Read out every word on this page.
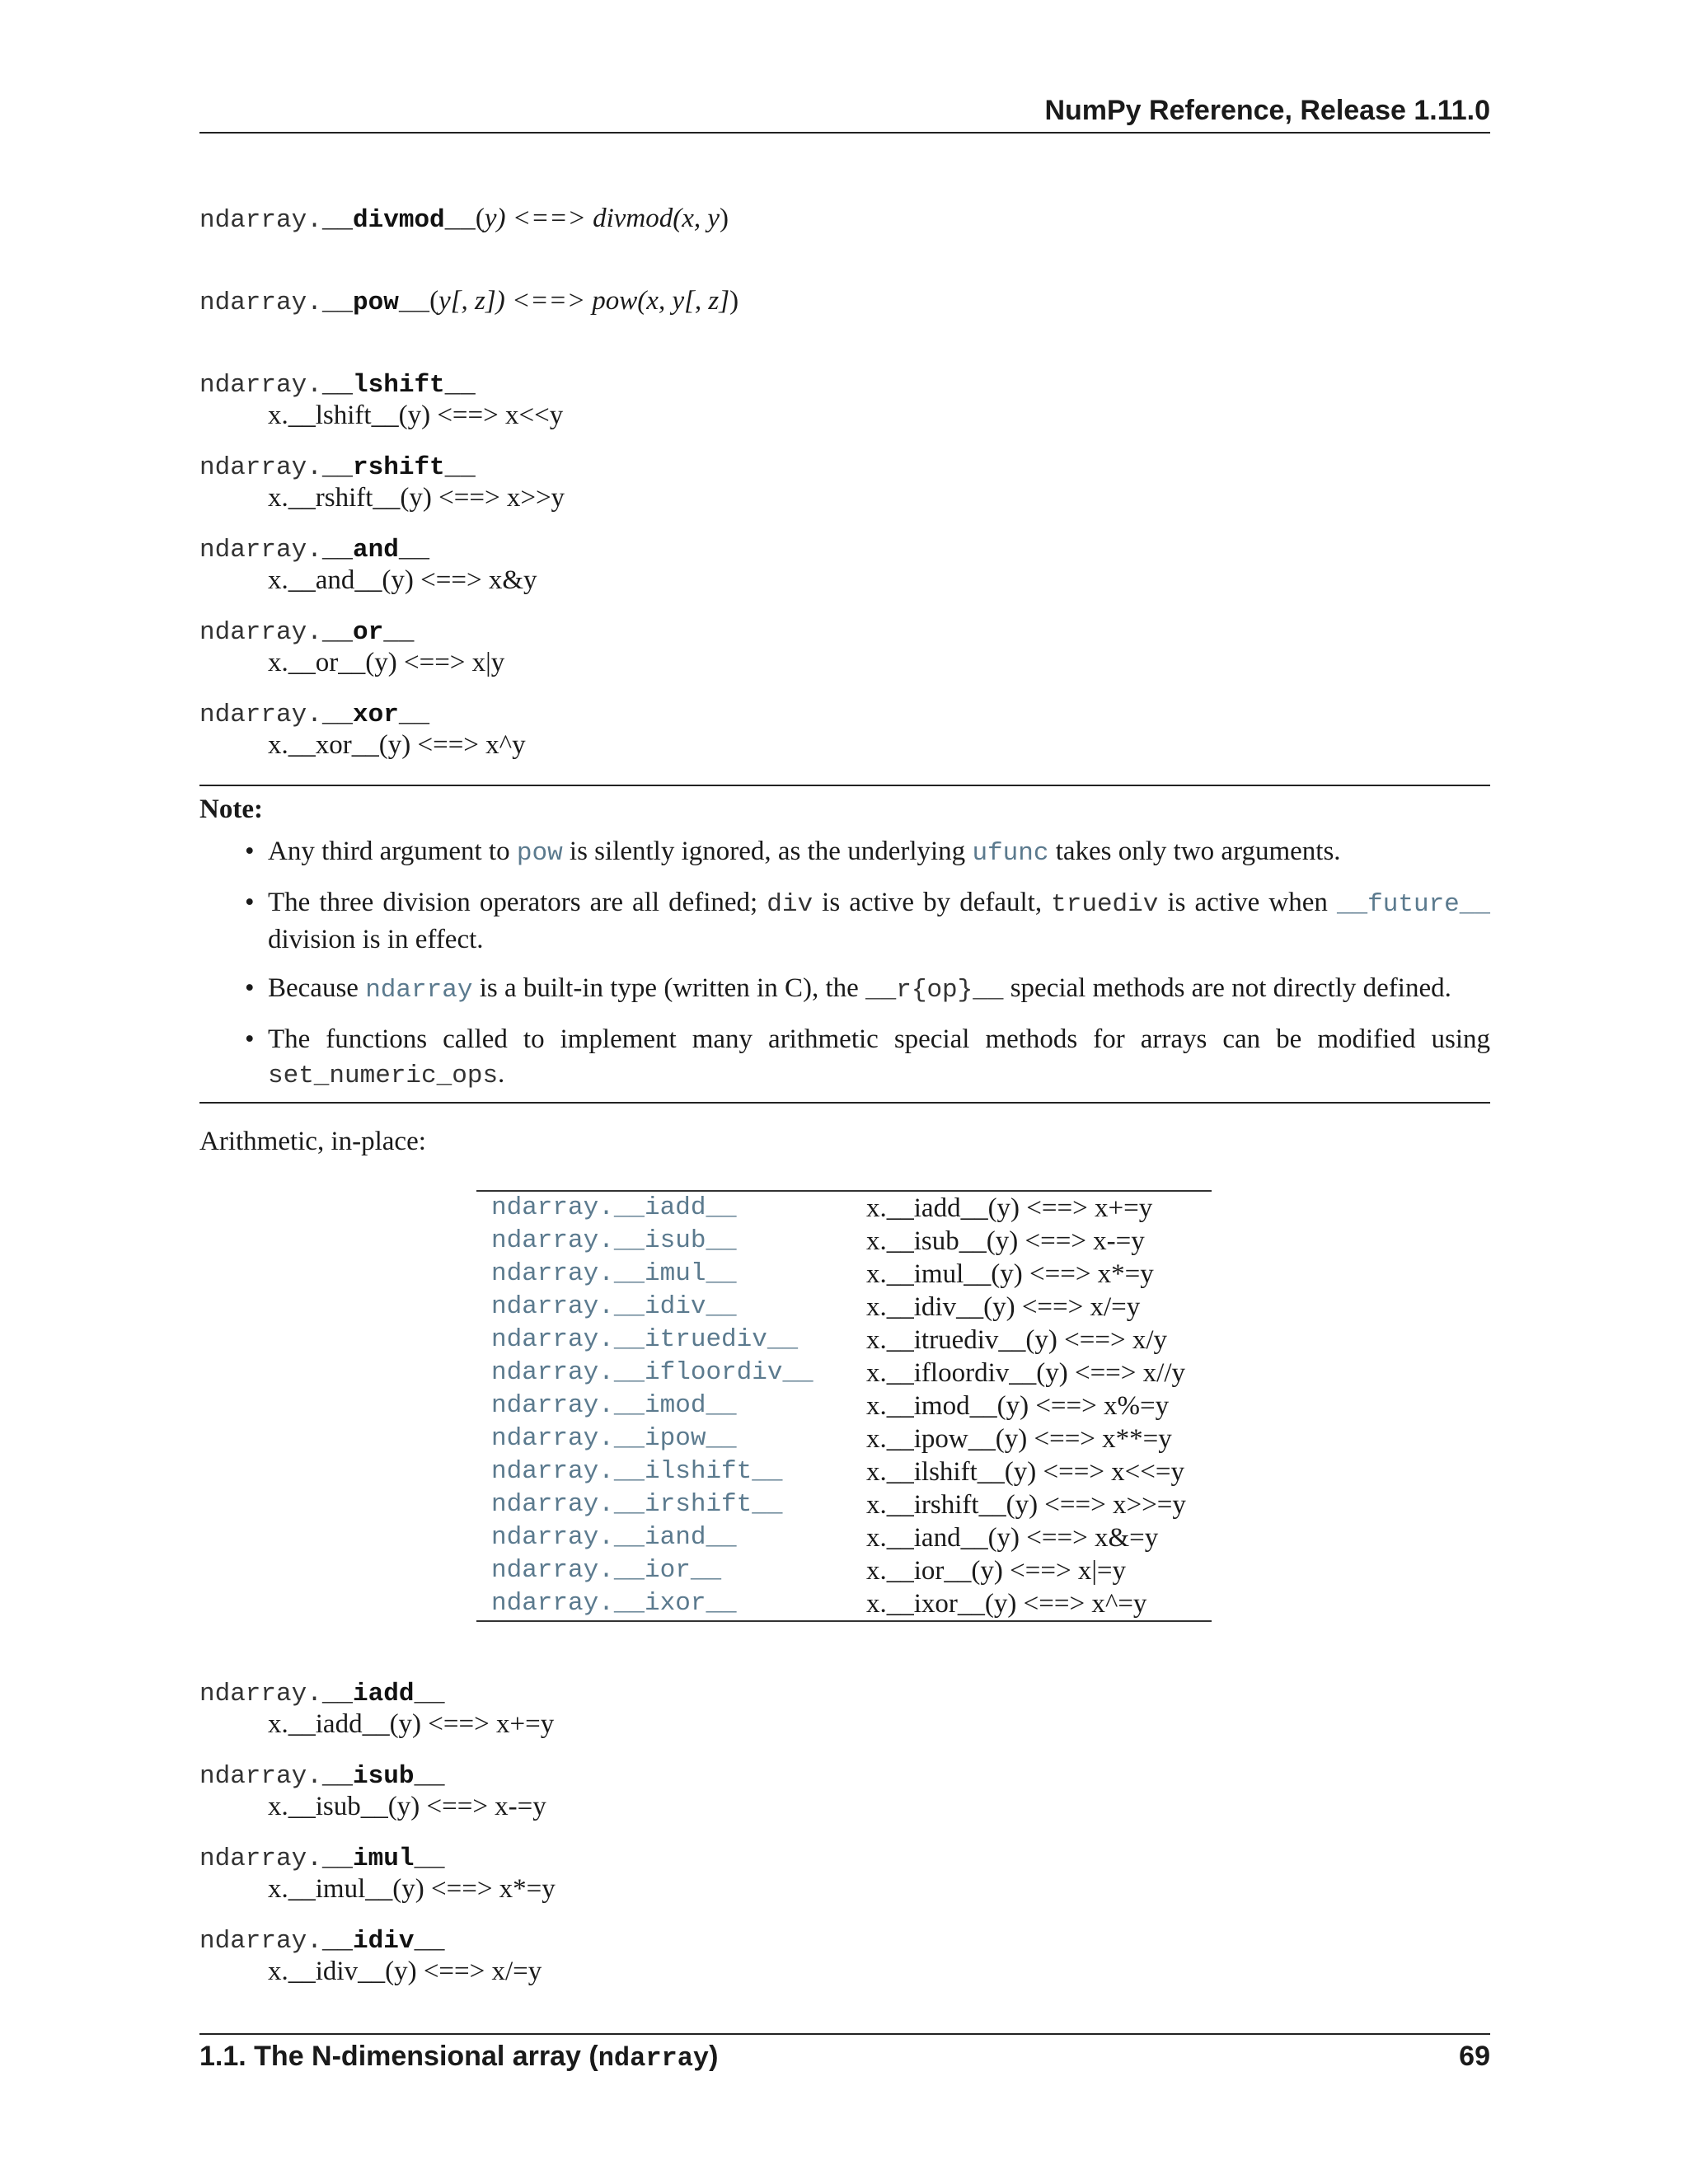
NumPy Reference, Release 1.11.0
ndarray.__divmod__(y) <==> divmod(x, y)
ndarray.__pow__(y[, z]) <==> pow(x, y[, z])
ndarray.__lshift__
x.__lshift__(y) <==> x<<y
ndarray.__rshift__
x.__rshift__(y) <==> x>>y
ndarray.__and__
x.__and__(y) <==> x&y
ndarray.__or__
x.__or__(y) <==> x|y
ndarray.__xor__
x.__xor__(y) <==> x^y
Note:
• Any third argument to pow is silently ignored, as the underlying ufunc takes only two arguments.
• The three division operators are all defined; div is active by default, truediv is active when __future__ division is in effect.
• Because ndarray is a built-in type (written in C), the __r{op}__ special methods are not directly defined.
• The functions called to implement many arithmetic special methods for arrays can be modified using set_numeric_ops.
Arithmetic, in-place:
ndarray.__iadd__	x.__iadd__(y) <==> x+=y
ndarray.__isub__	x.__isub__(y) <==> x-=y
ndarray.__imul__	x.__imul__(y) <==> x*=y
ndarray.__idiv__	x.__idiv__(y) <==> x/=y
ndarray.__itruediv__	x.__itruediv__(y) <==> x/y
ndarray.__ifloordiv__	x.__ifloordiv__(y) <==> x//y
ndarray.__imod__	x.__imod__(y) <==> x%=y
ndarray.__ipow__	x.__ipow__(y) <==> x**=y
ndarray.__ilshift__	x.__ilshift__(y) <==> x<<=y
ndarray.__irshift__	x.__irshift__(y) <==> x>>=y
ndarray.__iand__	x.__iand__(y) <==> x&=y
ndarray.__ior__	x.__ior__(y) <==> x|=y
ndarray.__ixor__	x.__ixor__(y) <==> x^=y
ndarray.__iadd__
x.__iadd__(y) <==> x+=y
ndarray.__isub__
x.__isub__(y) <==> x-=y
ndarray.__imul__
x.__imul__(y) <==> x*=y
ndarray.__idiv__
x.__idiv__(y) <==> x/=y
1.1. The N-dimensional array (ndarray)	69
